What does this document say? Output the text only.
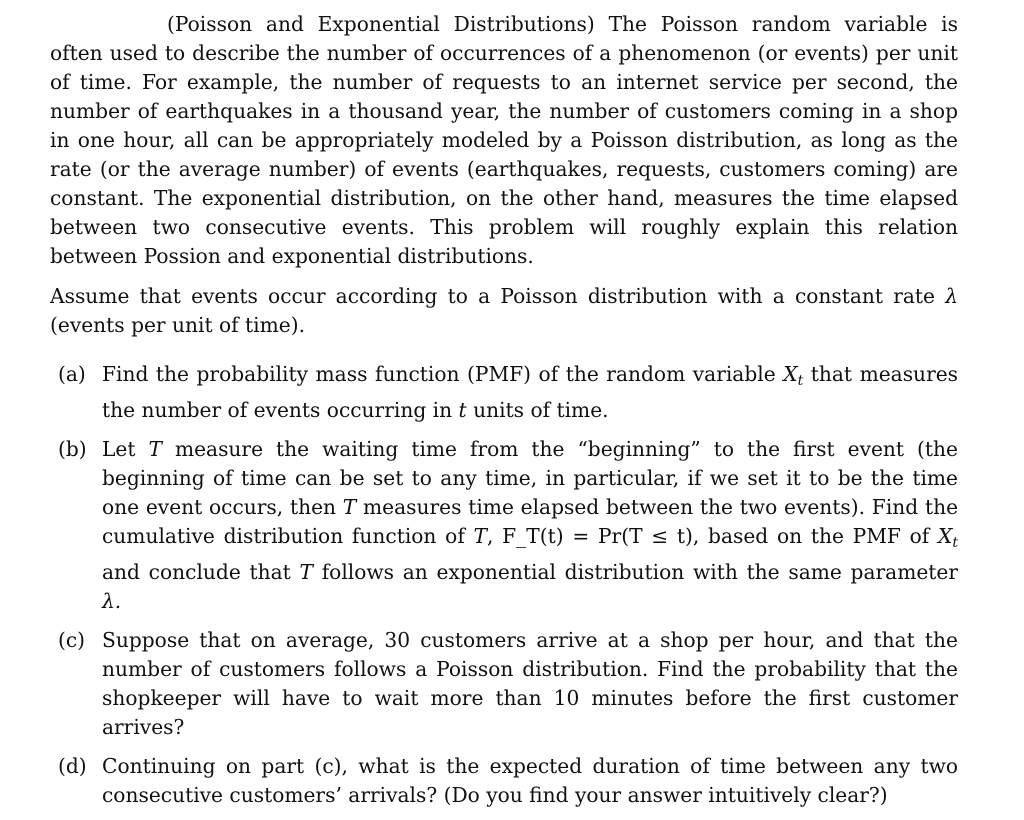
(Poisson and Exponential Distributions) The Poisson random variable is often used to describe the number of occurrences of a phenomenon (or events) per unit of time. For example, the number of requests to an internet service per second, the number of earthquakes in a thousand year, the number of customers coming in a shop in one hour, all can be appropriately modeled by a Poisson distribution, as long as the rate (or the average number) of events (earthquakes, requests, customers coming) are constant. The exponential distribution, on the other hand, measures the time elapsed between two consecutive events. This problem will roughly explain this relation between Possion and exponential distributions.

Assume that events occur according to a Poisson distribution with a constant rate λ (events per unit of time).

(a) Find the probability mass function (PMF) of the random variable $X_t$ that measures the number of events occurring in t units of time.
(b) Let T measure the waiting time from the “beginning” to the first event (the beginning of time can be set to any time, in particular, if we set it to be the time one event occurs, then T measures time elapsed between the two events). Find the cumulative distribution function of T, F_T(t) = Pr(T ≤ t), based on the PMF of $X_t$ and conclude that T follows an exponential distribution with the same parameter λ.
(c) Suppose that on average, 30 customers arrive at a shop per hour, and that the number of customers follows a Poisson distribution. Find the probability that the shopkeeper will have to wait more than 10 minutes before the first customer arrives?
(d) Continuing on part (c), what is the expected duration of time between any two consecutive customers’ arrivals? (Do you find your answer intuitively clear?)
